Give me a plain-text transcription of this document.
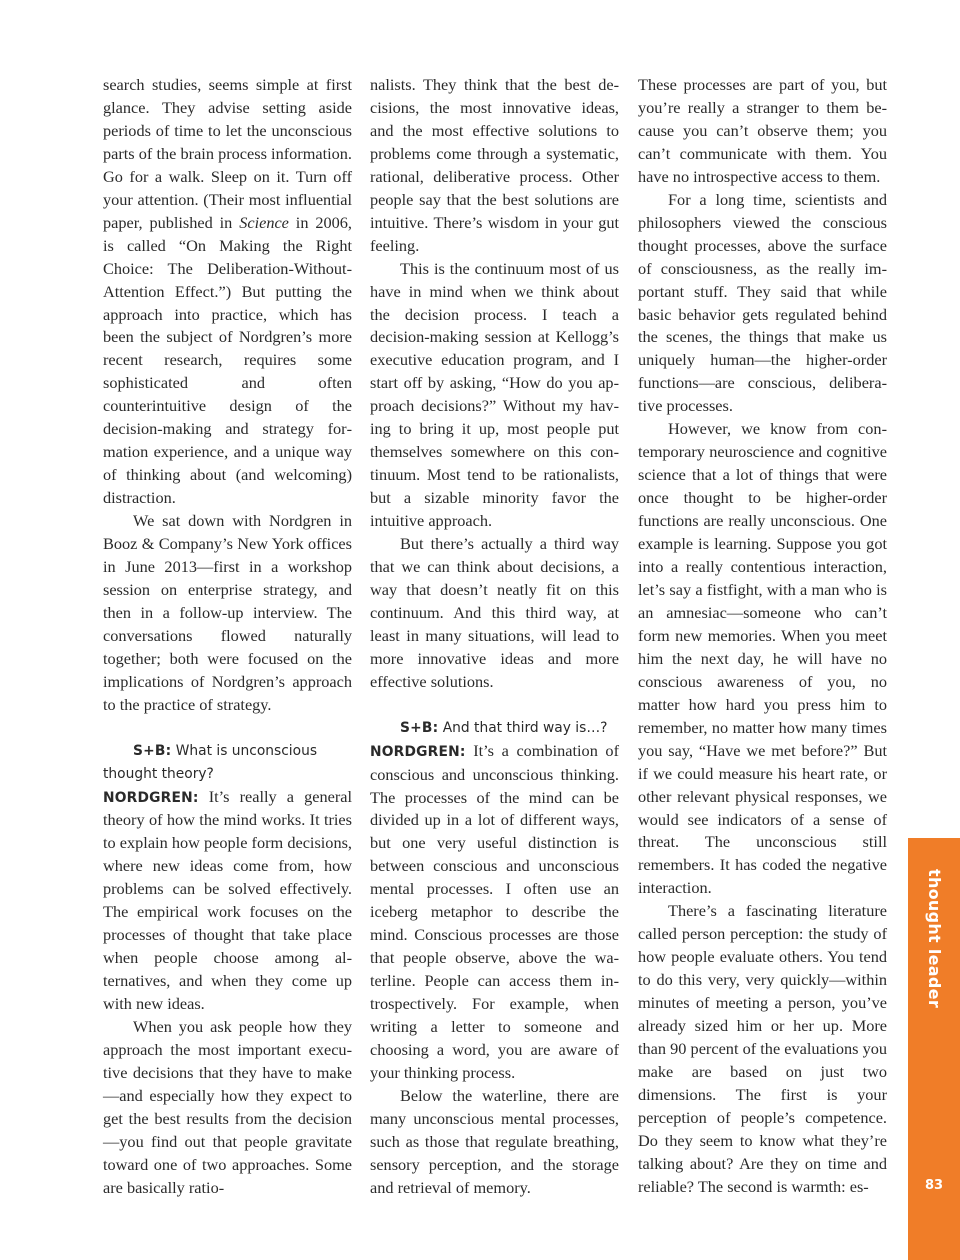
search studies, seems simple at first glance. They advise setting aside periods of time to let the unconscious parts of the brain process information. Go for a walk. Sleep on it. Turn off your attention. (Their most influential paper, published in Science in 2006, is called “On Making the Right Choice: The Deliberation-Without-Attention Effect.”) But putting the approach into practice, which has been the subject of Nordgren’s more recent research, requires some sophisticated and often counterintuitive design of the decision-making and strategy formation experience, and a unique way of thinking about (and welcoming) distraction.

We sat down with Nordgren in Booz & Company’s New York offices in June 2013—first in a workshop session on enterprise strategy, and then in a follow-up interview. The conversations flowed naturally together; both were focused on the implications of Nordgren’s approach to the practice of strategy.

S+B: What is unconscious thought theory?

NORDGREN: It’s really a general theory of how the mind works. It tries to explain how people form decisions, where new ideas come from, how problems can be solved effectively. The empirical work focuses on the processes of thought that take place when people choose among alternatives, and when they come up with new ideas.

When you ask people how they approach the most important executive decisions that they have to make—and especially how they expect to get the best results from the decision—you find out that people gravitate toward one of two approaches. Some are basically ratio-

nalists. They think that the best decisions, the most innovative ideas, and the most effective solutions to problems come through a systematic, rational, deliberative process. Other people say that the best solutions are intuitive. There’s wisdom in your gut feeling.

This is the continuum most of us have in mind when we think about the decision process. I teach a decision-making session at Kellogg’s executive education program, and I start off by asking, “How do you approach decisions?” Without my having to bring it up, most people put themselves somewhere on this continuum. Most tend to be rationalists, but a sizable minority favor the intuitive approach.

But there’s actually a third way that we can think about decisions, a way that doesn’t neatly fit on this continuum. And this third way, at least in many situations, will lead to more innovative ideas and more effective solutions.

S+B: And that third way is…?

NORDGREN: It’s a combination of conscious and unconscious thinking. The processes of the mind can be divided up in a lot of different ways, but one very useful distinction is between conscious and unconscious mental processes. I often use an iceberg metaphor to describe the mind. Conscious processes are those that people observe, above the waterline. People can access them introspectively. For example, when writing a letter to someone and choosing a word, you are aware of your thinking process.

Below the waterline, there are many unconscious mental processes, such as those that regulate breathing, sensory perception, and the storage and retrieval of memory.

These processes are part of you, but you’re really a stranger to them because you can’t observe them; you can’t communicate with them. You have no introspective access to them.

For a long time, scientists and philosophers viewed the conscious thought processes, above the surface of consciousness, as the really important stuff. They said that while basic behavior gets regulated behind the scenes, the things that make us uniquely human—the higher-order functions—are conscious, deliberative processes.

However, we know from contemporary neuroscience and cognitive science that a lot of things that were once thought to be higher-order functions are really unconscious. One example is learning. Suppose you got into a really contentious interaction, let’s say a fistfight, with a man who is an amnesiac—someone who can’t form new memories. When you meet him the next day, he will have no conscious awareness of you, no matter how hard you press him to remember, no matter how many times you say, “Have we met before?” But if we could measure his heart rate, or other relevant physical responses, we would see indicators of a sense of threat. The unconscious still remembers. It has coded the negative interaction.

There’s a fascinating literature called person perception: the study of how people evaluate others. You tend to do this very, very quickly—within minutes of meeting a person, you’ve already sized him or her up. More than 90 percent of the evaluations you make are based on just two dimensions. The first is your perception of people’s competence. Do they seem to know what they’re talking about? Are they on time and reliable? The second is warmth: es-

thought leader
83
